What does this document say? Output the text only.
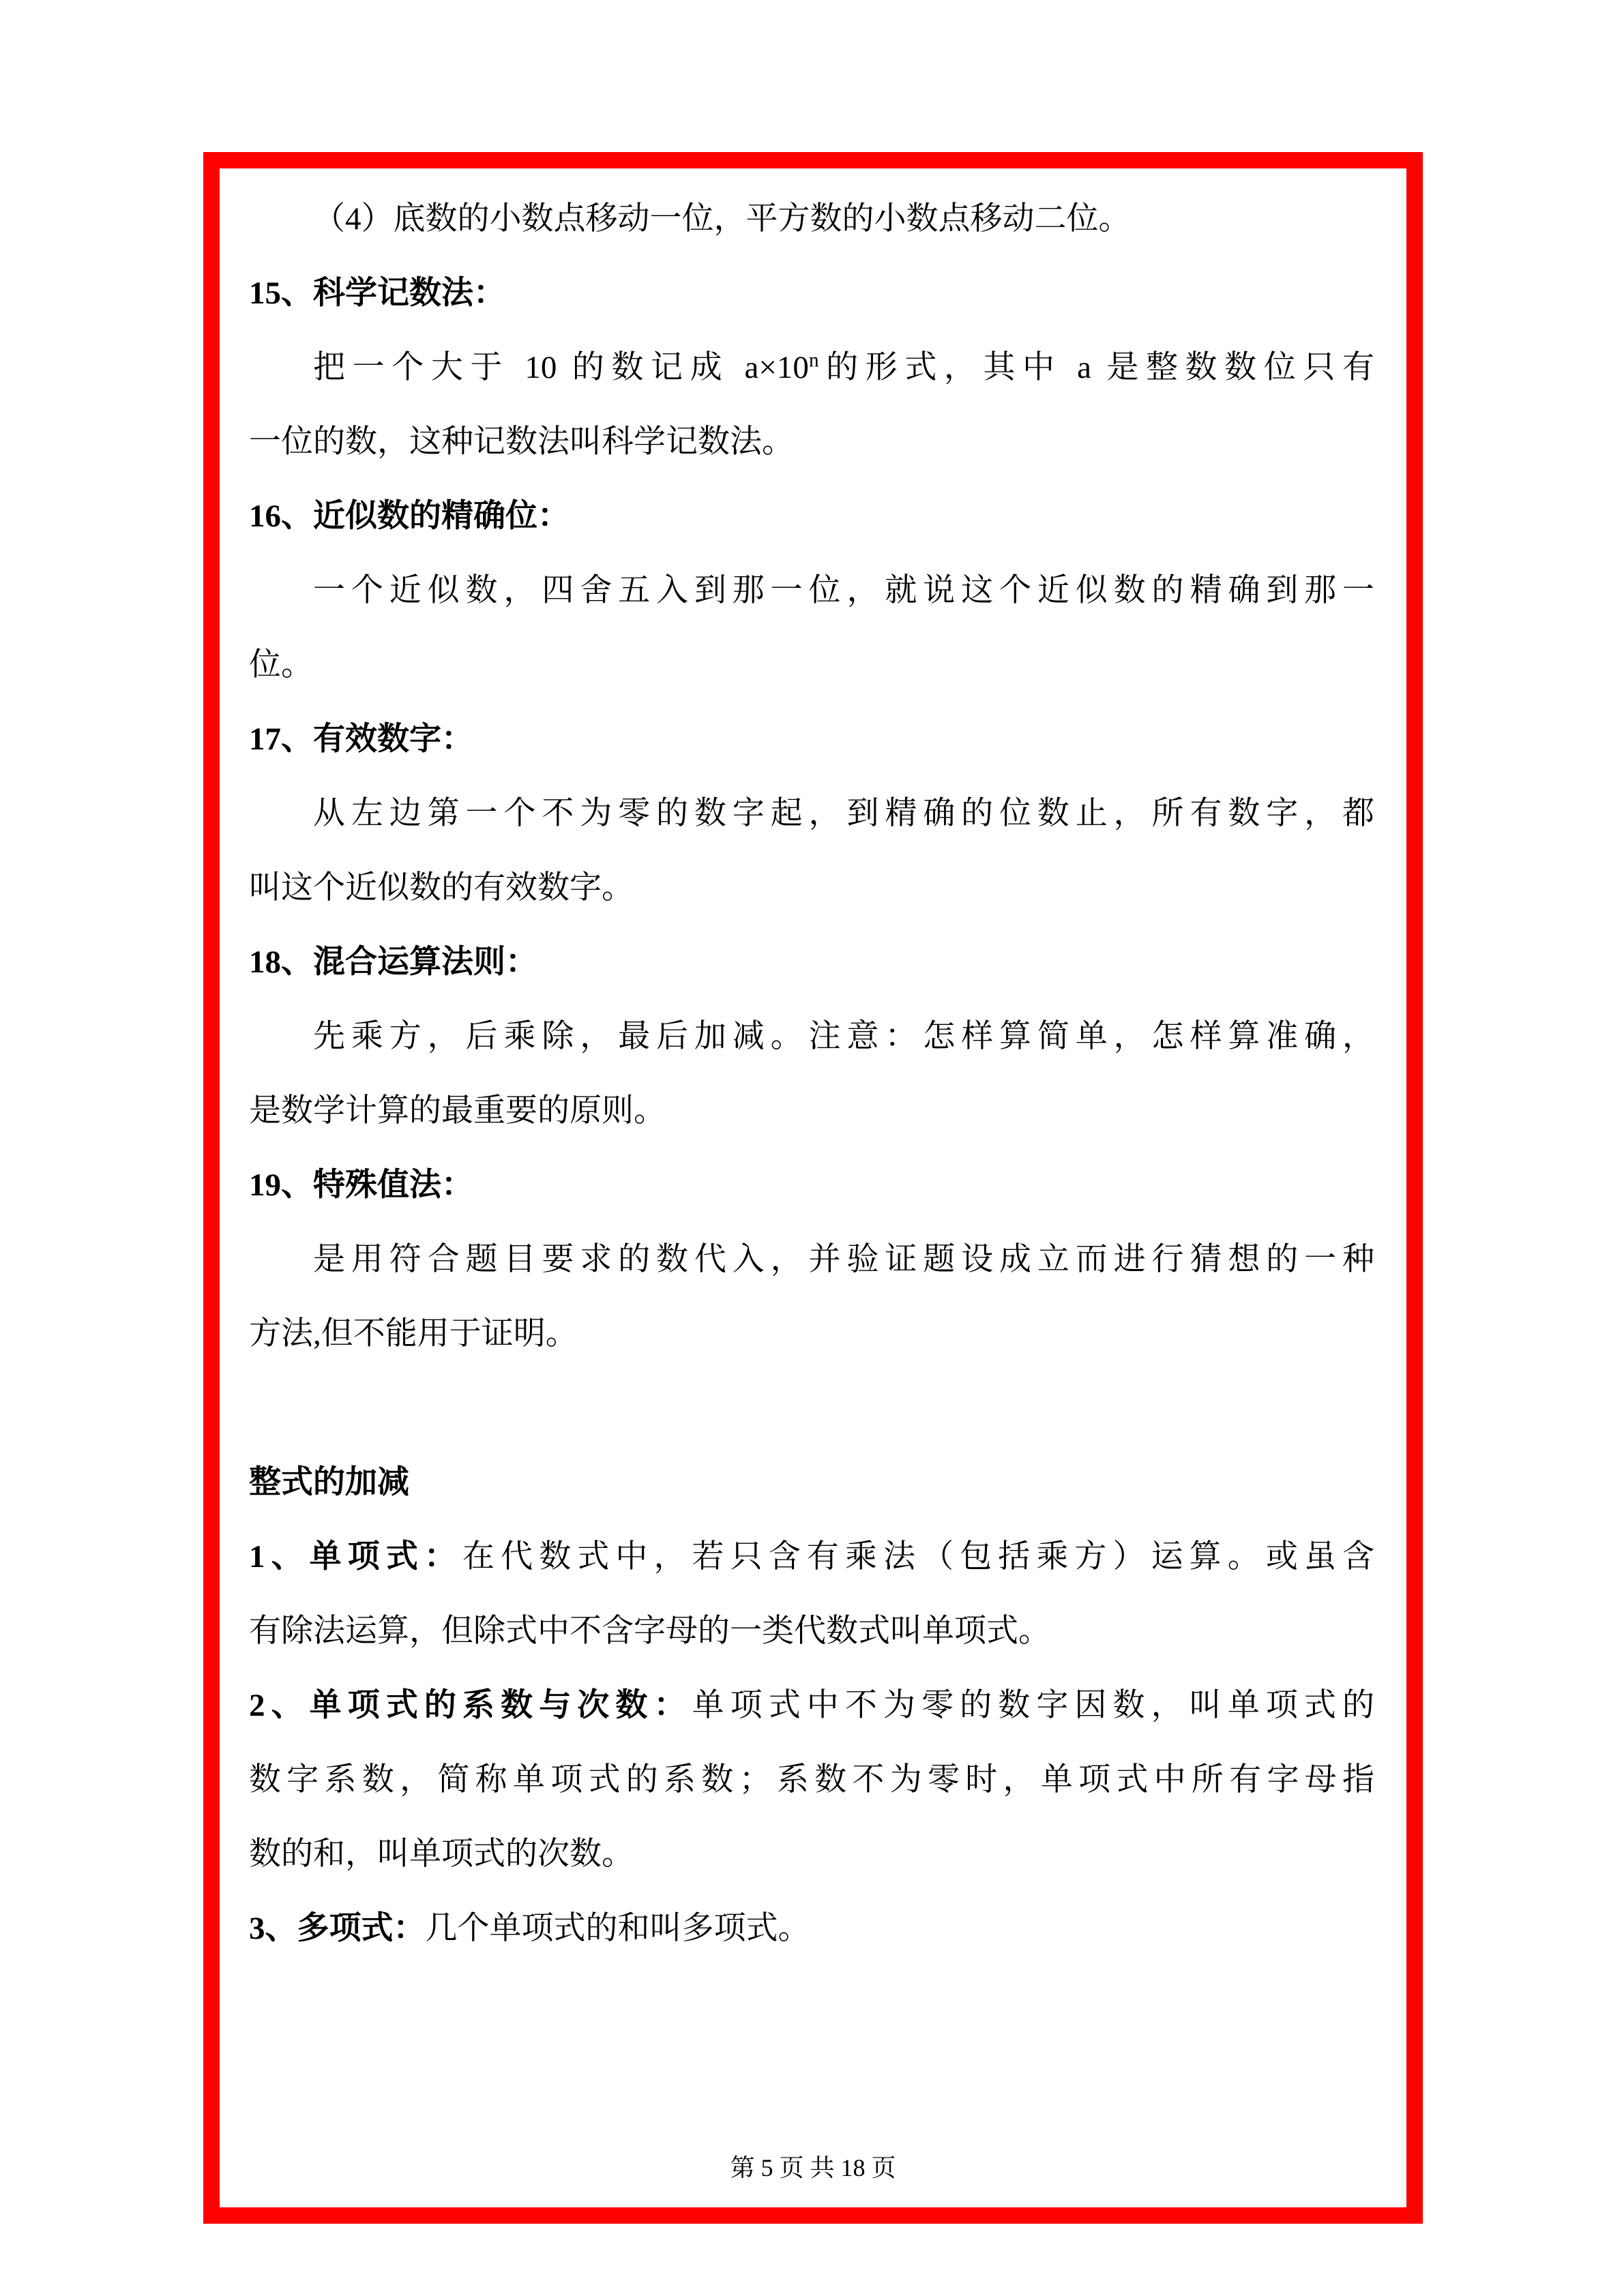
（4）底数的小数点移动一位，平方数的小数点移动二位。
15、科学记数法：
把一个大于 10 的数记成 $a\times 10^n$的形式，其中 a 是整数数位只有
一位的数，这种记数法叫科学记数法。
16、近似数的精确位：
一个近似数，四舍五入到那一位，就说这个近似数的精确到那一
位。
17、有效数字：
从左边第一个不为零的数字起，到精确的位数止，所有数字，都
叫这个近似数的有效数字。
18、混合运算法则：
先乘方，后乘除，最后加减。注意：怎样算简单，怎样算准确，
是数学计算的最重要的原则。
19、特殊值法：
是用符合题目要求的数代入，并验证题设成立而进行猜想的一种
方法,但不能用于证明。
整式的加减
1、单项式：在代数式中，若只含有乘法（包括乘方）运算。或虽含
有除法运算，但除式中不含字母的一类代数式叫单项式。
2、单项式的系数与次数：单项式中不为零的数字因数，叫单项式的
数字系数，简称单项式的系数；系数不为零时，单项式中所有字母指
数的和，叫单项式的次数。
3、多项式：几个单项式的和叫多项式。
第 5 页 共 18 页
